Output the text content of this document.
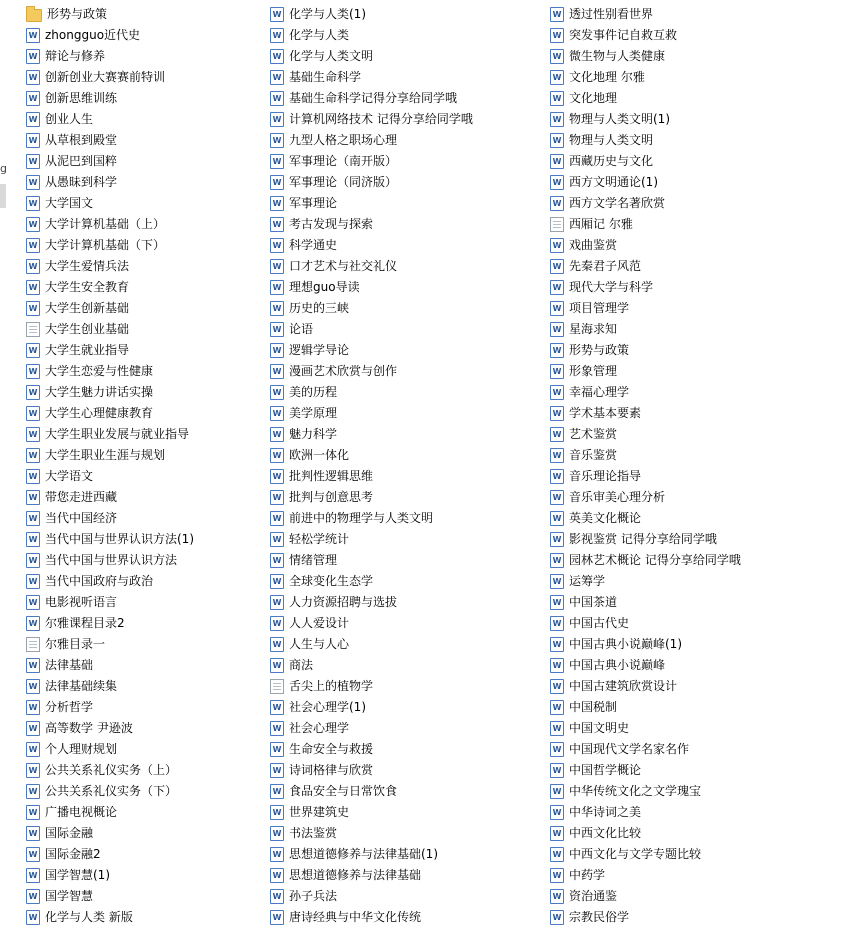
g
形势与政策
W
zhongguo近代史
W
辩论与修养
W
创新创业大赛赛前特训
W
创新思维训练
W
创业人生
W
从草根到殿堂
W
从泥巴到国粹
W
从愚昧到科学
W
大学国文
W
大学计算机基础（上）
W
大学计算机基础（下）
W
大学生爱情兵法
W
大学生安全教育
W
大学生创新基础
大学生创业基础
W
大学生就业指导
W
大学生恋爱与性健康
W
大学生魅力讲话实操
W
大学生心理健康教育
W
大学生职业发展与就业指导
W
大学生职业生涯与规划
W
大学语文
W
带您走进西藏
W
当代中国经济
W
当代中国与世界认识方法(1)
W
当代中国与世界认识方法
W
当代中国政府与政治
W
电影视听语言
W
尔雅课程目录2
尔雅目录一
W
法律基础
W
法律基础续集
W
分析哲学
W
高等数学 尹逊波
W
个人理财规划
W
公共关系礼仪实务（上）
W
公共关系礼仪实务（下）
W
广播电视概论
W
国际金融
W
国际金融2
W
国学智慧(1)
W
国学智慧
W
化学与人类 新版
W
化学与人类(1)
W
化学与人类
W
化学与人类文明
W
基础生命科学
W
基础生命科学记得分享给同学哦
W
计算机网络技术 记得分享给同学哦
W
九型人格之职场心理
W
军事理论（南开版）
W
军事理论（同济版）
W
军事理论
W
考古发现与探索
W
科学通史
W
口才艺术与社交礼仪
W
理想guo导读
W
历史的三峡
W
论语
W
逻辑学导论
W
漫画艺术欣赏与创作
W
美的历程
W
美学原理
W
魅力科学
W
欧洲一体化
W
批判性逻辑思维
W
批判与创意思考
W
前进中的物理学与人类文明
W
轻松学统计
W
情绪管理
W
全球变化生态学
W
人力资源招聘与选拔
W
人人爱设计
W
人生与人心
W
商法
舌尖上的植物学
W
社会心理学(1)
W
社会心理学
W
生命安全与救援
W
诗词格律与欣赏
W
食品安全与日常饮食
W
世界建筑史
W
书法鉴赏
W
思想道德修养与法律基础(1)
W
思想道德修养与法律基础
W
孙子兵法
W
唐诗经典与中华文化传统
W
透过性别看世界
W
突发事件记自救互救
W
微生物与人类健康
W
文化地理 尔雅
W
文化地理
W
物理与人类文明(1)
W
物理与人类文明
W
西藏历史与文化
W
西方文明通论(1)
W
西方文学名著欣赏
西厢记 尔雅
W
戏曲鉴赏
W
先秦君子风范
W
现代大学与科学
W
项目管理学
W
星海求知
W
形势与政策
W
形象管理
W
幸福心理学
W
学术基本要素
W
艺术鉴赏
W
音乐鉴赏
W
音乐理论指导
W
音乐审美心理分析
W
英美文化概论
W
影视鉴赏 记得分享给同学哦
W
园林艺术概论 记得分享给同学哦
W
运筹学
W
中国茶道
W
中国古代史
W
中国古典小说巅峰(1)
W
中国古典小说巅峰
W
中国古建筑欣赏设计
W
中国税制
W
中国文明史
W
中国现代文学名家名作
W
中国哲学概论
W
中华传统文化之文学瑰宝
W
中华诗词之美
W
中西文化比较
W
中西文化与文学专题比较
W
中药学
W
资治通鉴
W
宗教民俗学
